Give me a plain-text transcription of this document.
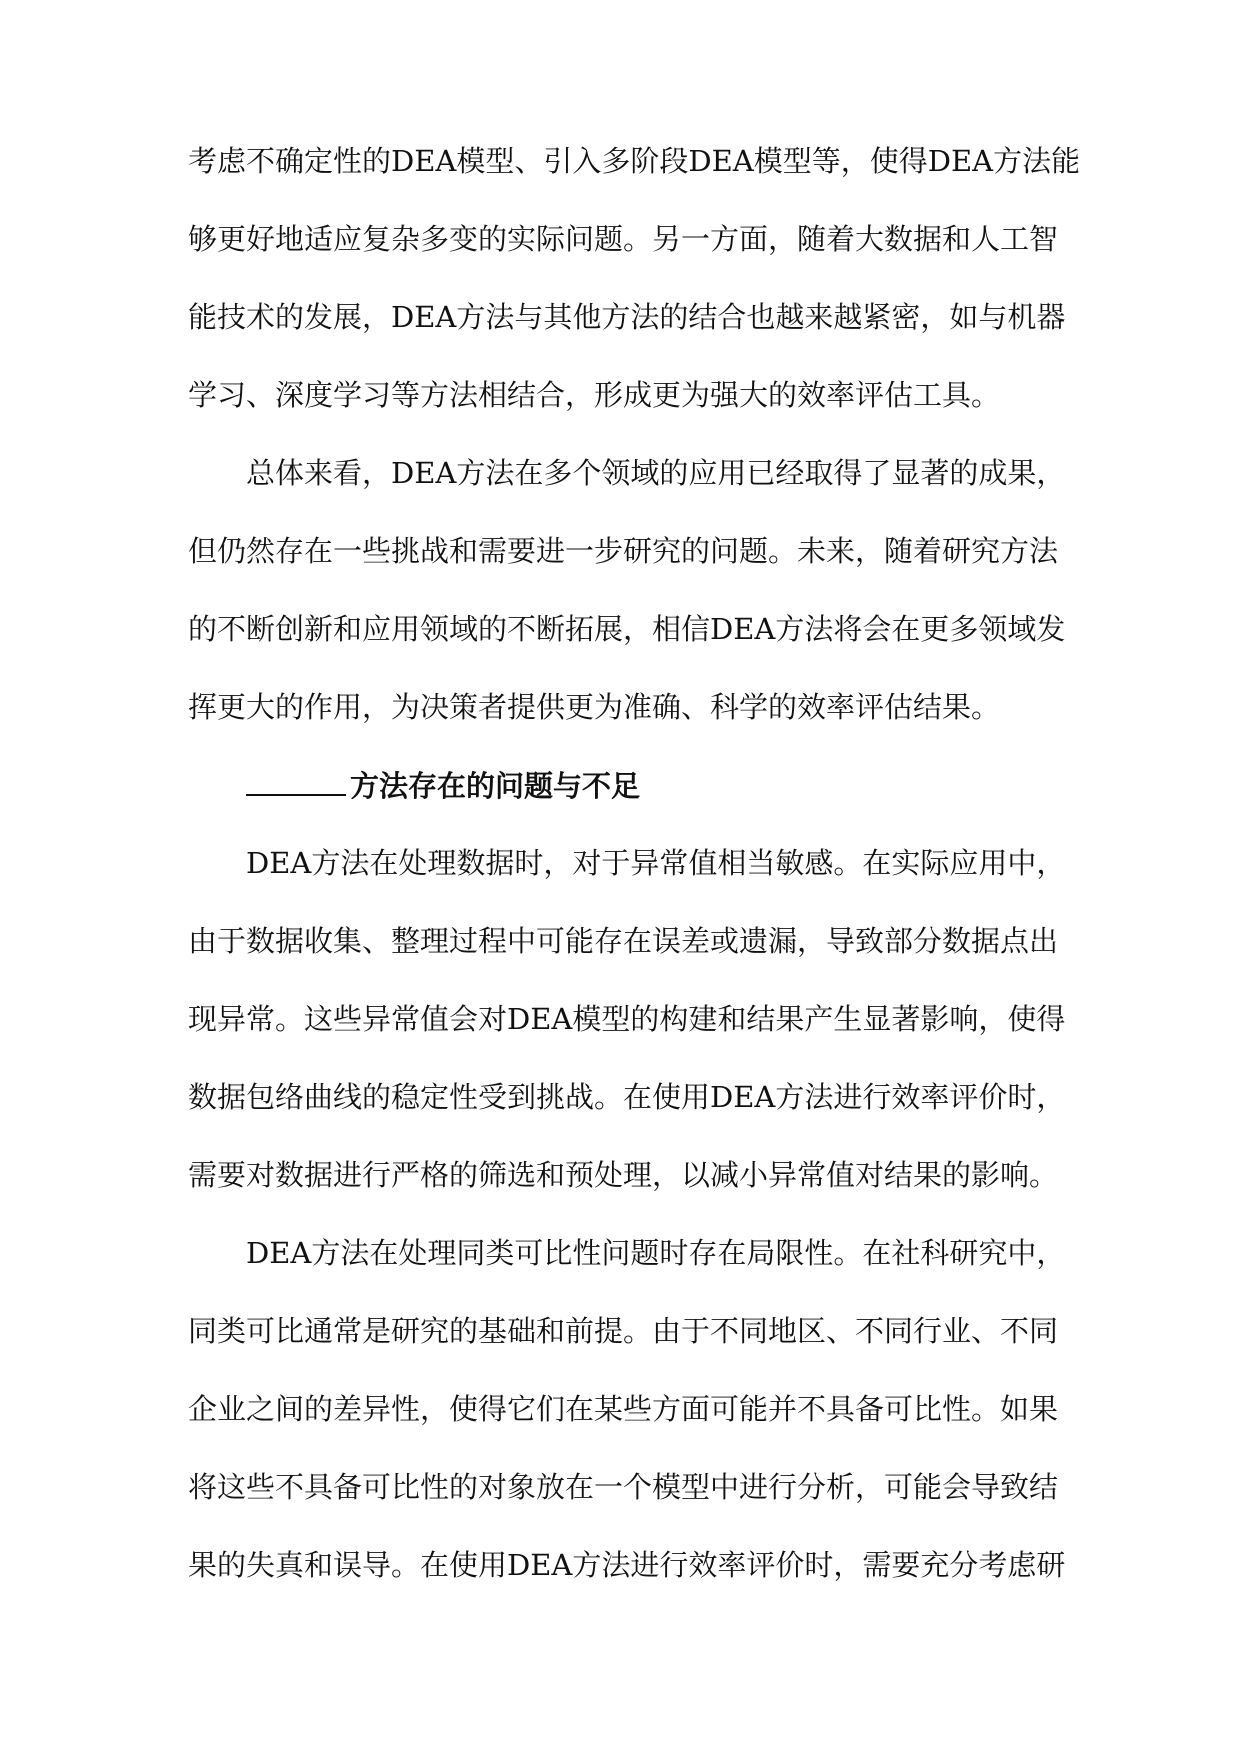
考虑不确定性的DEA模型、引入多阶段DEA模型等，使得DEA方法能
够更好地适应复杂多变的实际问题。另一方面，随着大数据和人工智
能技术的发展，DEA方法与其他方法的结合也越来越紧密，如与机器
学习、深度学习等方法相结合，形成更为强大的效率评估工具。
总体来看，DEA方法在多个领域的应用已经取得了显著的成果，
但仍然存在一些挑战和需要进一步研究的问题。未来，随着研究方法
的不断创新和应用领域的不断拓展，相信DEA方法将会在更多领域发
挥更大的作用，为决策者提供更为准确、科学的效率评估结果。
方法存在的问题与不足
DEA方法在处理数据时，对于异常值相当敏感。在实际应用中，
由于数据收集、整理过程中可能存在误差或遗漏，导致部分数据点出
现异常。这些异常值会对DEA模型的构建和结果产生显著影响，使得
数据包络曲线的稳定性受到挑战。在使用DEA方法进行效率评价时，
需要对数据进行严格的筛选和预处理，以减小异常值对结果的影响。
DEA方法在处理同类可比性问题时存在局限性。在社科研究中，
同类可比通常是研究的基础和前提。由于不同地区、不同行业、不同
企业之间的差异性，使得它们在某些方面可能并不具备可比性。如果
将这些不具备可比性的对象放在一个模型中进行分析，可能会导致结
果的失真和误导。在使用DEA方法进行效率评价时，需要充分考虑研
